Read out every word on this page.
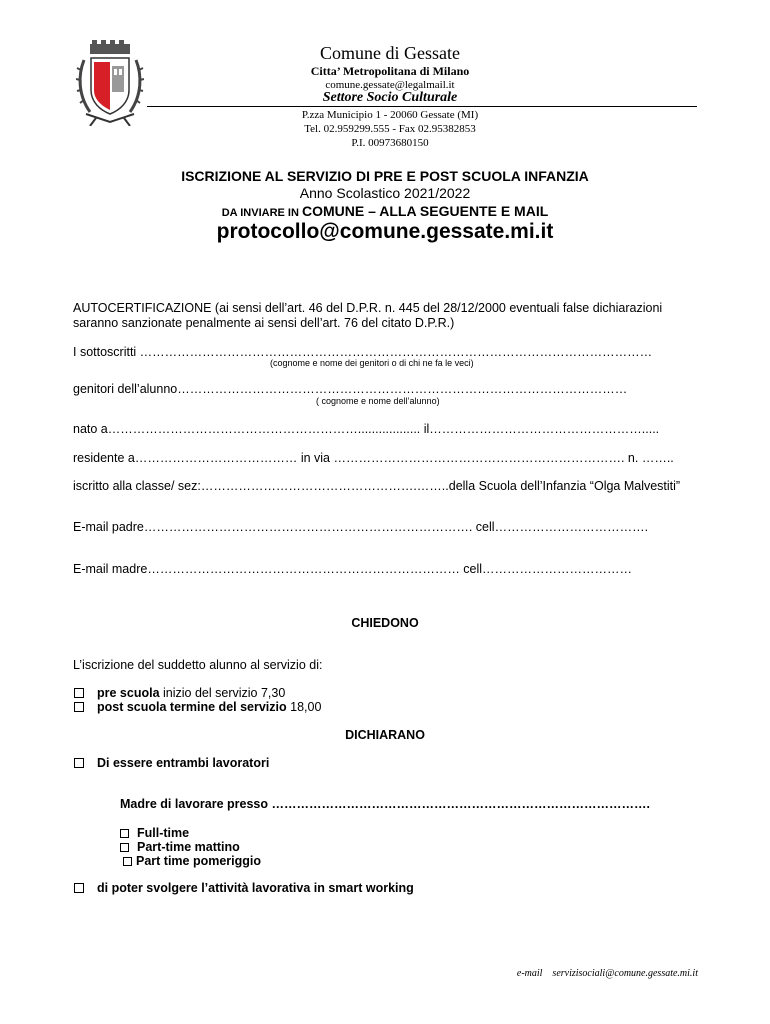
Comune di Gessate
Citta’ Metropolitana di Milano
comune.gessate@legalmail.it
Settore Socio Culturale
P.zza Municipio 1 - 20060 Gessate (MI)
Tel. 02.959299.555 - Fax 02.95382853
P.I. 00973680150
ISCRIZIONE AL SERVIZIO DI PRE E POST SCUOLA INFANZIA
Anno Scolastico 2021/2022
DA INVIARE IN COMUNE – ALLA SEGUENTE E MAIL
protocollo@comune.gessate.mi.it
AUTOCERTIFICAZIONE (ai sensi dell’art. 46 del D.P.R. n. 445 del 28/12/2000 eventuali false dichiarazioni
saranno sanzionate penalmente ai sensi dell’art. 76 del citato D.P.R.)
I sottoscritti ……………………………………………………………………………………………………………
(cognome e nome dei genitori o di chi ne fa le veci)
genitori dell’alunno………………………………………………………………………………………………
( cognome e nome dell’alunno)
nato a…………………………………………………….................. il…………………………………………….....
residente a………………………………… in via ……………………………………………………………. n. ……..
iscritto alla classe/ sez:…………………………………………….……..della Scuola dell’Infanzia “Olga Malvestiti”
E-mail padre……………………………………………………………………. cell……………………………….
E-mail madre………………………………………………………………… cell………………………………
CHIEDONO
L’iscrizione del suddetto alunno al servizio di:
pre scuola inizio del servizio 7,30
post scuola termine del servizio 18,00
DICHIARANO
Di essere entrambi lavoratori
Madre di lavorare presso ……………………………………………………………………………….
Full-time
Part-time mattino
Part time pomeriggio
di poter svolgere l’attività lavorativa in smart working
e-mail servizisociali@comune.gessate.mi.it
